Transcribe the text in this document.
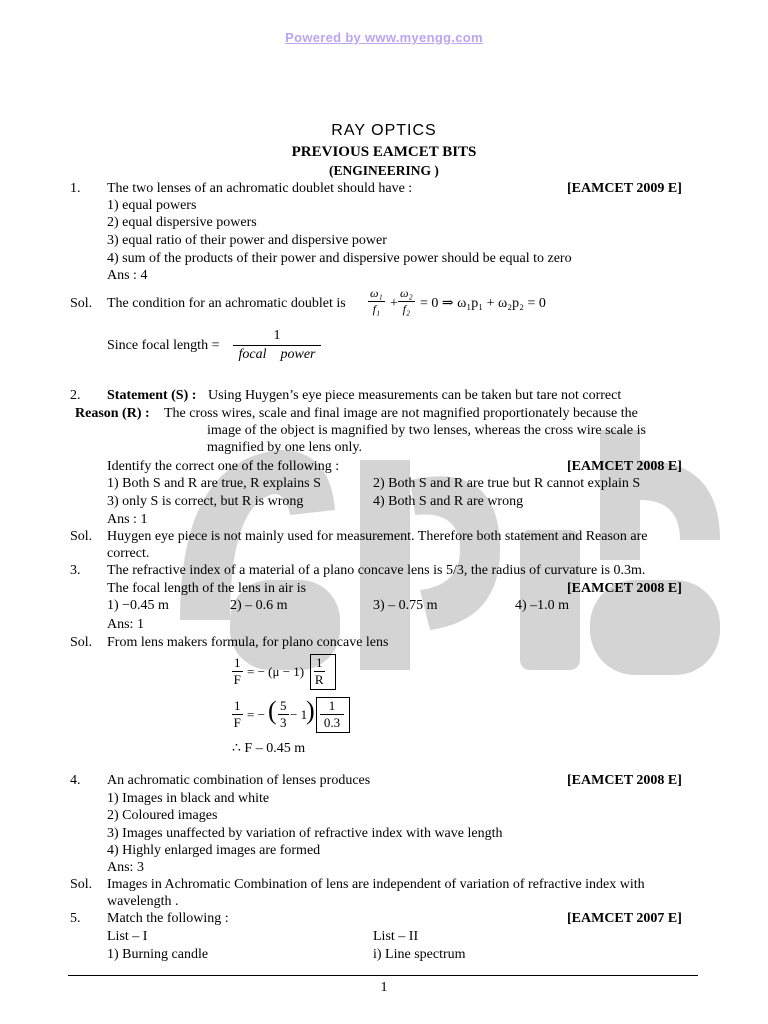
Powered by www.myengg.com
RAY OPTICS
PREVIOUS EAMCET BITS
(ENGINEERING )
1. The two lenses of an achromatic doublet should have :	[EAMCET 2009 E]
1) equal powers
2) equal dispersive powers
3) equal ratio of their power and dispersive power
4) sum of the products of their power and dispersive power should be equal to zero
Ans : 4
Sol. The condition for an achromatic doublet is $\frac{\text{ω₁}}{\text{f₁}} + \frac{\text{ω₂}}{\text{f₂}} = 0$ ⇒ ω₁p₁ + ω₂p₂ = 0
Since focal length =
1
focal    power
2. Statement (S) : Using Huygen’s eye piece measurements can be taken but tare not correct
Reason (R) : The cross wires, scale and final image are not magnified proportionately because the
image of the object is magnified by two lenses, whereas the cross wire scale is
magnified by one lens only.
Identify the correct one of the following :	[EAMCET 2008 E]
1) Both S and R are true, R explains S	2) Both S and R are true but R cannot explain S
3) only S is correct, but R is wrong	4) Both S and R are wrong
Ans : 1
Sol. Huygen eye piece is not mainly used for measurement. Therefore both statement and Reason are
correct.
3. The refractive index of a material of a plano concave lens is 5/3, the radius of curvature is 0.3m.
The focal length of the lens in air is	[EAMCET 2008 E]
1) −0.45 m	2) – 0.6 m	3) – 0.75 m	4) –1.0 m
Ans: 1
Sol. From lens makers formula, for plano concave lens
$\frac{1}{F}$ = − $(\mu - 1) \frac{1}{R}$
$\frac{1}{F}$ = − ( $\frac{5}{3} - 1$
) $\frac{1}{0.3}$
∴ F – 0.45 m
4. An achromatic combination of lenses produces	[EAMCET 2008 E]
1) Images in black and white
2) Coloured images
3) Images unaffected by variation of refractive index with wave length
4) Highly enlarged images are formed
Ans: 3
Sol. Images in Achromatic Combination of lens are independent of variation of refractive index with
wavelength .
5. Match the following :	[EAMCET 2007 E]
List – I	List – II
1) Burning candle	i) Line spectrum
1
